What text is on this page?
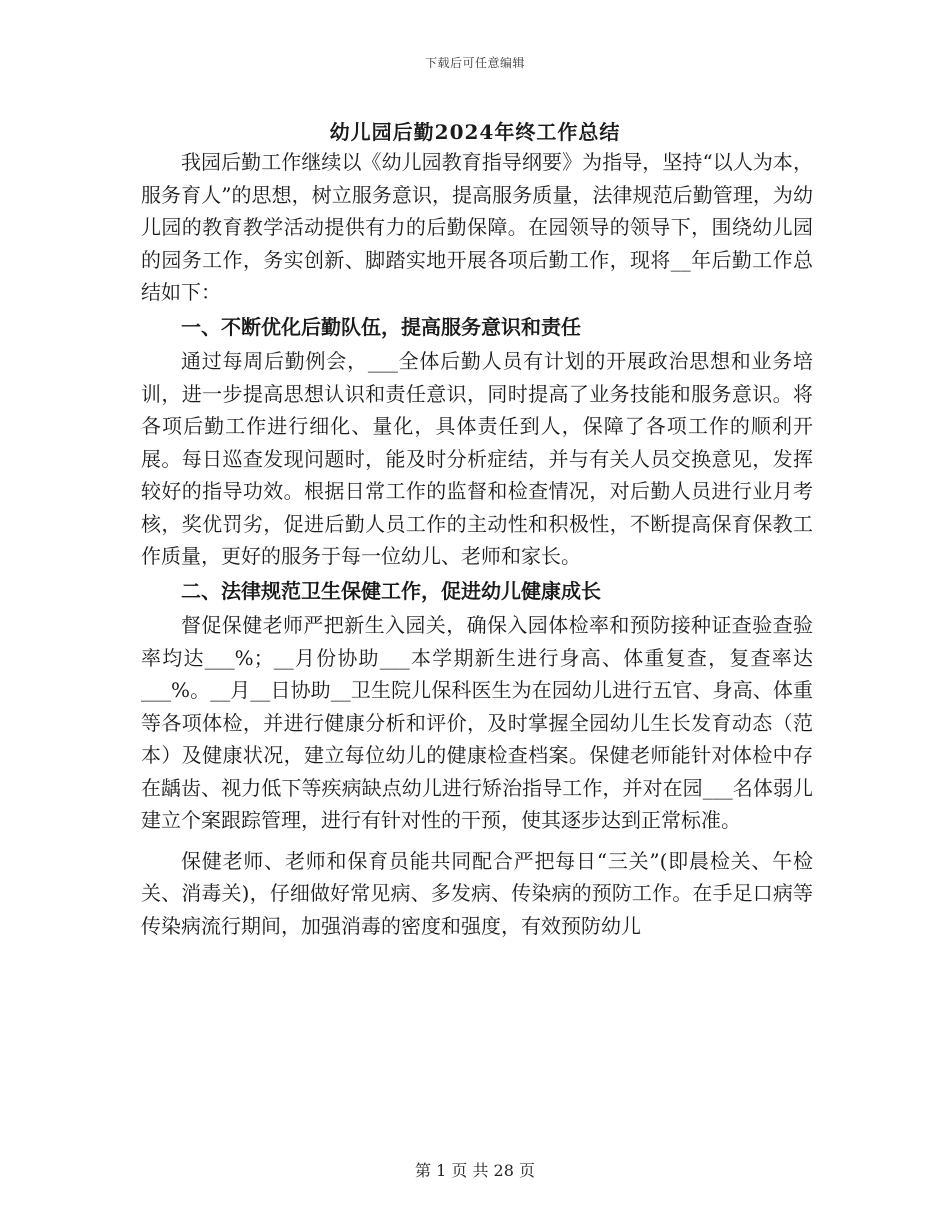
下载后可任意编辑
幼儿园后勤2024年终工作总结

我园后勤工作继续以《幼儿园教育指导纲要》为指导，坚持“以人为本，服务育人”的思想，树立服务意识，提高服务质量，法律规范后勤管理，为幼儿园的教育教学活动提供有力的后勤保障。在园领导的领导下，围绕幼儿园的园务工作，务实创新、脚踏实地开展各项后勤工作，现将__年后勤工作总结如下：

一、不断优化后勤队伍，提高服务意识和责任

通过每周后勤例会，___全体后勤人员有计划的开展政治思想和业务培训，进一步提高思想认识和责任意识，同时提高了业务技能和服务意识。将各项后勤工作进行细化、量化，具体责任到人，保障了各项工作的顺利开展。每日巡查发现问题时，能及时分析症结，并与有关人员交换意见，发挥较好的指导功效。根据日常工作的监督和检查情况，对后勤人员进行业月考核，奖优罚劣，促进后勤人员工作的主动性和积极性，不断提高保育保教工作质量，更好的服务于每一位幼儿、老师和家长。

二、法律规范卫生保健工作，促进幼儿健康成长

督促保健老师严把新生入园关，确保入园体检率和预防接种证查验查验率均达___%；__月份协助___本学期新生进行身高、体重复查，复查率达___%。__月__日协助__卫生院儿保科医生为在园幼儿进行五官、身高、体重等各项体检，并进行健康分析和评价，及时掌握全园幼儿生长发育动态（范本）及健康状况，建立每位幼儿的健康检查档案。保健老师能针对体检中存在龋齿、视力低下等疾病缺点幼儿进行矫治指导工作，并对在园___名体弱儿建立个案跟踪管理，进行有针对性的干预，使其逐步达到正常标准。

保健老师、老师和保育员能共同配合严把每日“三关”(即晨检关、午检关、消毒关)，仔细做好常见病、多发病、传染病的预防工作。在手足口病等传染病流行期间，加强消毒的密度和强度，有效预防幼儿

第 1 页 共 28 页
